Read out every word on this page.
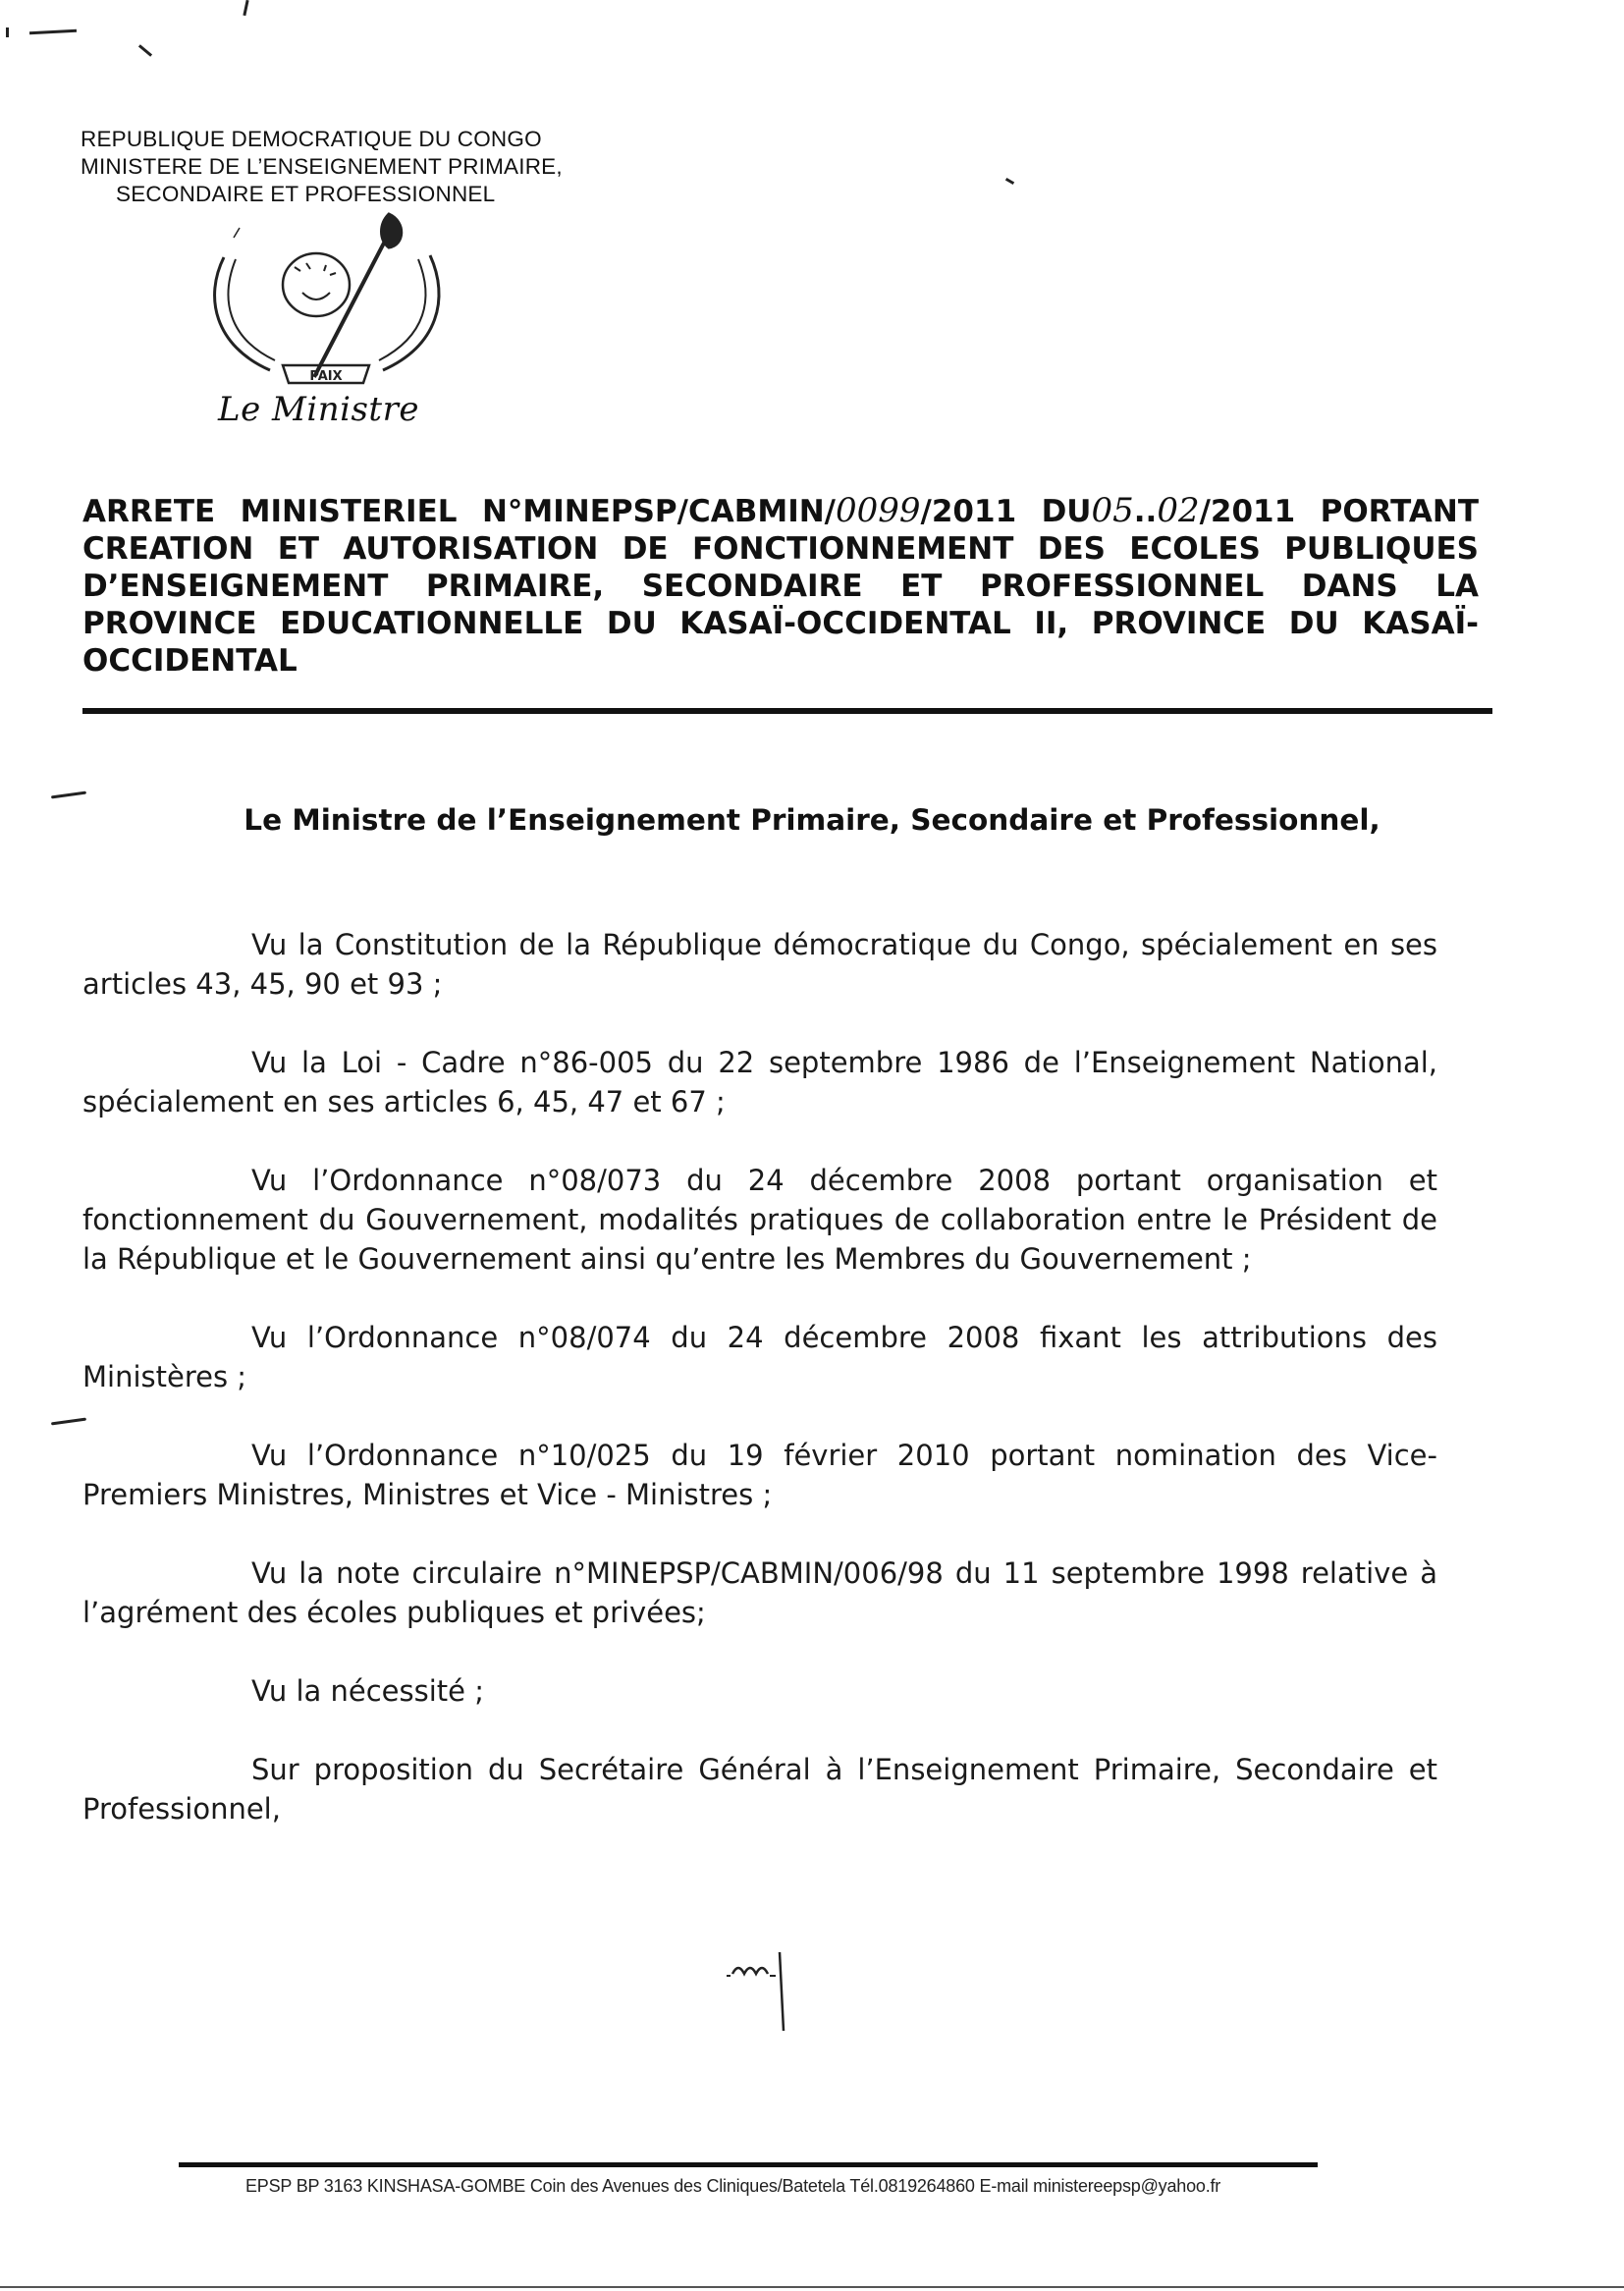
REPUBLIQUE DEMOCRATIQUE DU CONGO
MINISTERE DE L’ENSEIGNEMENT PRIMAIRE,
SECONDAIRE ET PROFESSIONNEL
PAIX
Le Ministre
ARRETE MINISTERIEL N°MINEPSP/CABMIN/0099/2011 DU05..02/2011 PORTANT CREATION ET AUTORISATION DE FONCTIONNEMENT DES ECOLES PUBLIQUES D’ENSEIGNEMENT PRIMAIRE, SECONDAIRE ET PROFESSIONNEL DANS LA PROVINCE EDUCATIONNELLE DU KASAÏ-OCCIDENTAL II, PROVINCE DU KASAÏ-OCCIDENTAL
Le Ministre de l’Enseignement Primaire, Secondaire et Professionnel,

Vu la Constitution de la République démocratique du Congo, spécialement en ses articles 43, 45, 90 et 93 ;

Vu la Loi - Cadre n°86-005 du 22 septembre 1986 de l’Enseignement National, spécialement en ses articles 6, 45, 47 et 67 ;

Vu l’Ordonnance n°08/073 du 24 décembre 2008 portant organisation et fonctionnement du Gouvernement, modalités pratiques de collaboration entre le Président de la République et le Gouvernement ainsi qu’entre les Membres du Gouvernement ;

Vu l’Ordonnance n°08/074 du 24 décembre 2008 fixant les attributions des Ministères ;

Vu l’Ordonnance n°10/025 du 19 février 2010 portant nomination des Vice-Premiers Ministres, Ministres et Vice - Ministres ;

Vu la note circulaire n°MINEPSP/CABMIN/006/98 du 11 septembre 1998 relative à l’agrément des écoles publiques et privées;

Vu la nécessité ;

Sur proposition du Secrétaire Général à l’Enseignement Primaire, Secondaire et Professionnel,

EPSP BP 3163 KINSHASA-GOMBE Coin des Avenues des Cliniques/Batetela Tél.0819264860 E-mail ministereepsp@yahoo.fr
